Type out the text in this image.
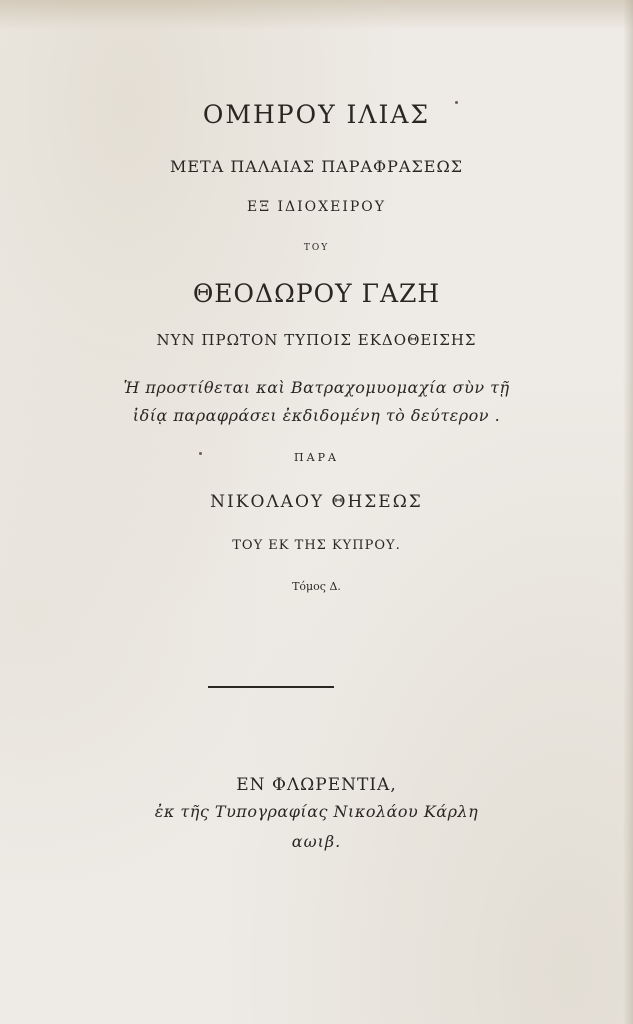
ΟΜΗΡΟΥ ΙΛΙΑΣ
ΜΕΤΑ ΠΑΛΑΙΑΣ ΠΑΡΑΦΡΑΣΕΩΣ
ΕΞ ΙΔΙΟΧΕΙΡΟΥ
ΤΟΥ
ΘΕΟΔΩΡΟΥ ΓΑΖΗ
ΝΥΝ ΠΡΩΤΟΝ ΤΥΠΟΙΣ ΕΚΔΟΘΕΙΣΗΣ
Ἡ προστίθεται καὶ Βατραχομυομαχία σὺν τῇ
ἰδίᾳ παραφράσει ἐκδιδομένη τὸ δεύτερον .
ΠΑΡΑ
ΝΙΚΟΛΑΟΥ ΘΗΣΕΩΣ
ΤΟΥ ΕΚ ΤΗΣ ΚΥΠΡΟΥ.
Τόμος Δ.
ΕΝ ΦΛΩΡΕΝΤΙΑ,
ἐκ τῆς Τυπογραφίας Νικολάου Κάρλη
αωιβ.
